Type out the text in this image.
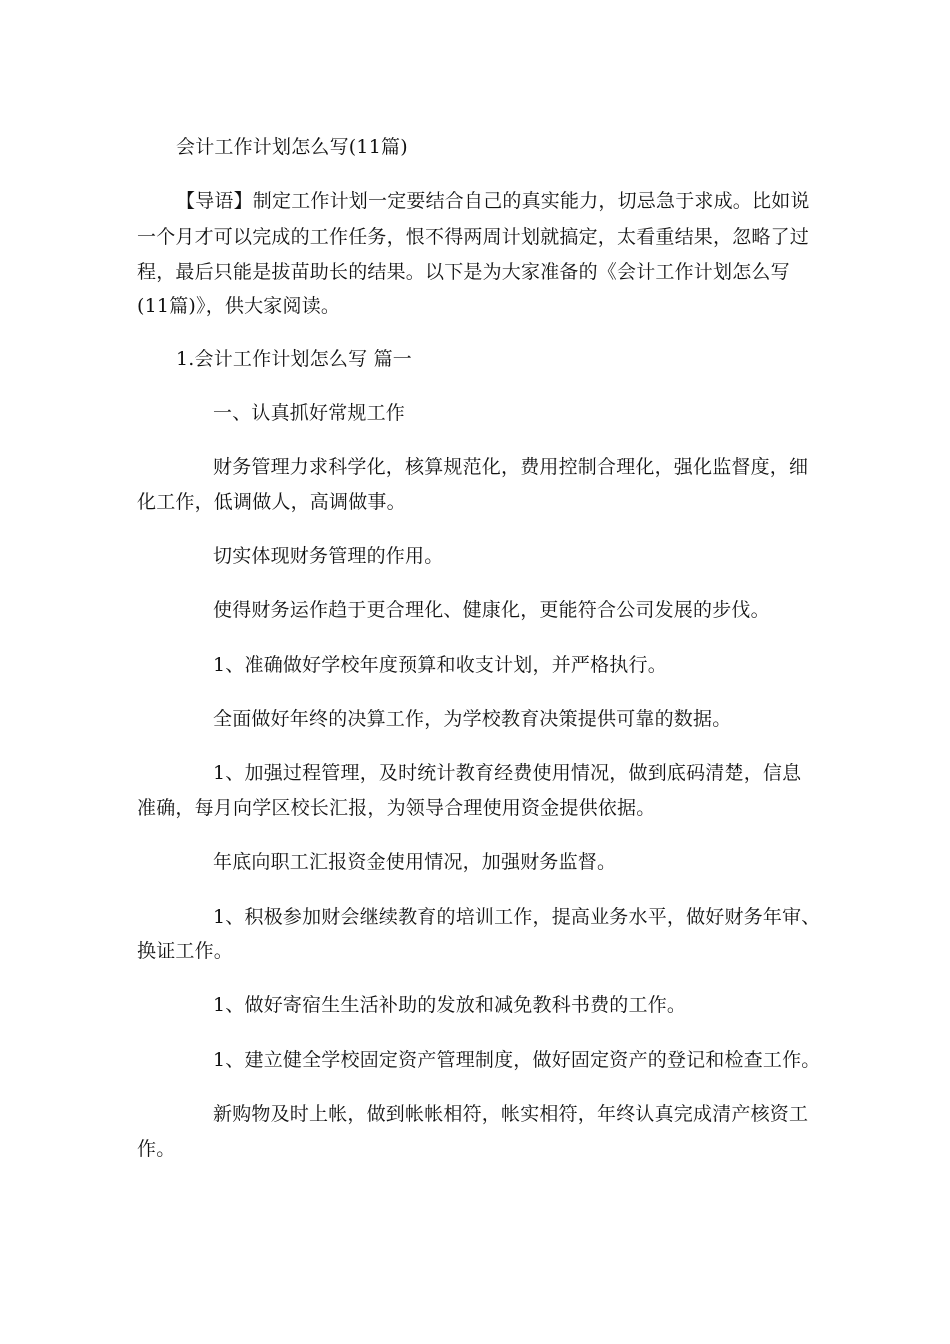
会计工作计划怎么写(11篇)
【导语】制定工作计划一定要结合自己的真实能力，切忌急于求成。比如说
一个月才可以完成的工作任务，恨不得两周计划就搞定，太看重结果，忽略了过
程，最后只能是拔苗助长的结果。以下是为大家准备的《会计工作计划怎么写
(11篇)》，供大家阅读。
1.会计工作计划怎么写 篇一
一、认真抓好常规工作
财务管理力求科学化，核算规范化，费用控制合理化，强化监督度，细
化工作，低调做人，高调做事。
切实体现财务管理的作用。
使得财务运作趋于更合理化、健康化，更能符合公司发展的步伐。
1、准确做好学校年度预算和收支计划，并严格执行。
全面做好年终的决算工作，为学校教育决策提供可靠的数据。
1、加强过程管理，及时统计教育经费使用情况，做到底码清楚，信息
准确，每月向学区校长汇报，为领导合理使用资金提供依据。
年底向职工汇报资金使用情况，加强财务监督。
1、积极参加财会继续教育的培训工作，提高业务水平，做好财务年审、
换证工作。
1、做好寄宿生生活补助的发放和减免教科书费的工作。
1、建立健全学校固定资产管理制度，做好固定资产的登记和检查工作。
新购物及时上帐，做到帐帐相符，帐实相符，年终认真完成清产核资工
作。
